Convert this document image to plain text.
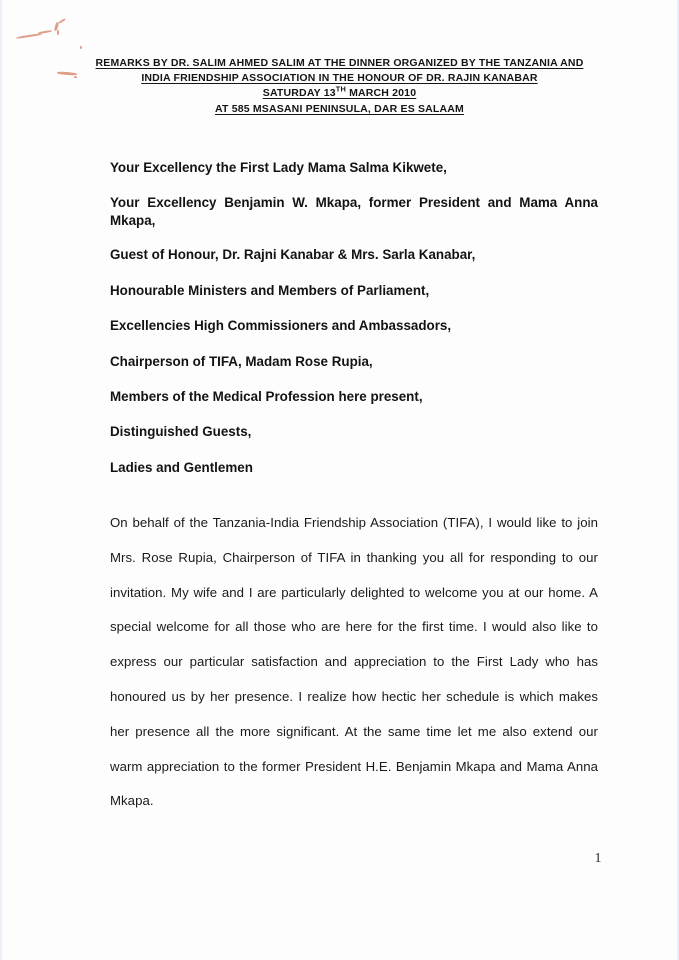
REMARKS BY DR. SALIM AHMED SALIM AT THE DINNER ORGANIZED BY THE TANZANIA AND
INDIA FRIENDSHIP ASSOCIATION IN THE HONOUR OF DR. RAJIN KANABAR
SATURDAY 13TH MARCH 2010
AT 585 MSASANI PENINSULA, DAR ES SALAAM

Your Excellency the First Lady Mama Salma Kikwete,

Your Excellency Benjamin W. Mkapa, former President and Mama Anna Mkapa,

Guest of Honour, Dr. Rajni Kanabar & Mrs. Sarla Kanabar,

Honourable Ministers and Members of Parliament,

Excellencies High Commissioners and Ambassadors,

Chairperson of TIFA, Madam Rose Rupia,

Members of the Medical Profession here present,

Distinguished Guests,

Ladies and Gentlemen

On behalf of the Tanzania-India Friendship Association (TIFA), I would like to join Mrs. Rose Rupia, Chairperson of TIFA in thanking you all for responding to our invitation. My wife and I are particularly delighted to welcome you at our home. A special welcome for all those who are here for the first time. I would also like to express our particular satisfaction and appreciation to the First Lady who has honoured us by her presence. I realize how hectic her schedule is which makes her presence all the more significant. At the same time let me also extend our warm appreciation to the former President H.E. Benjamin Mkapa and Mama Anna Mkapa.
1
